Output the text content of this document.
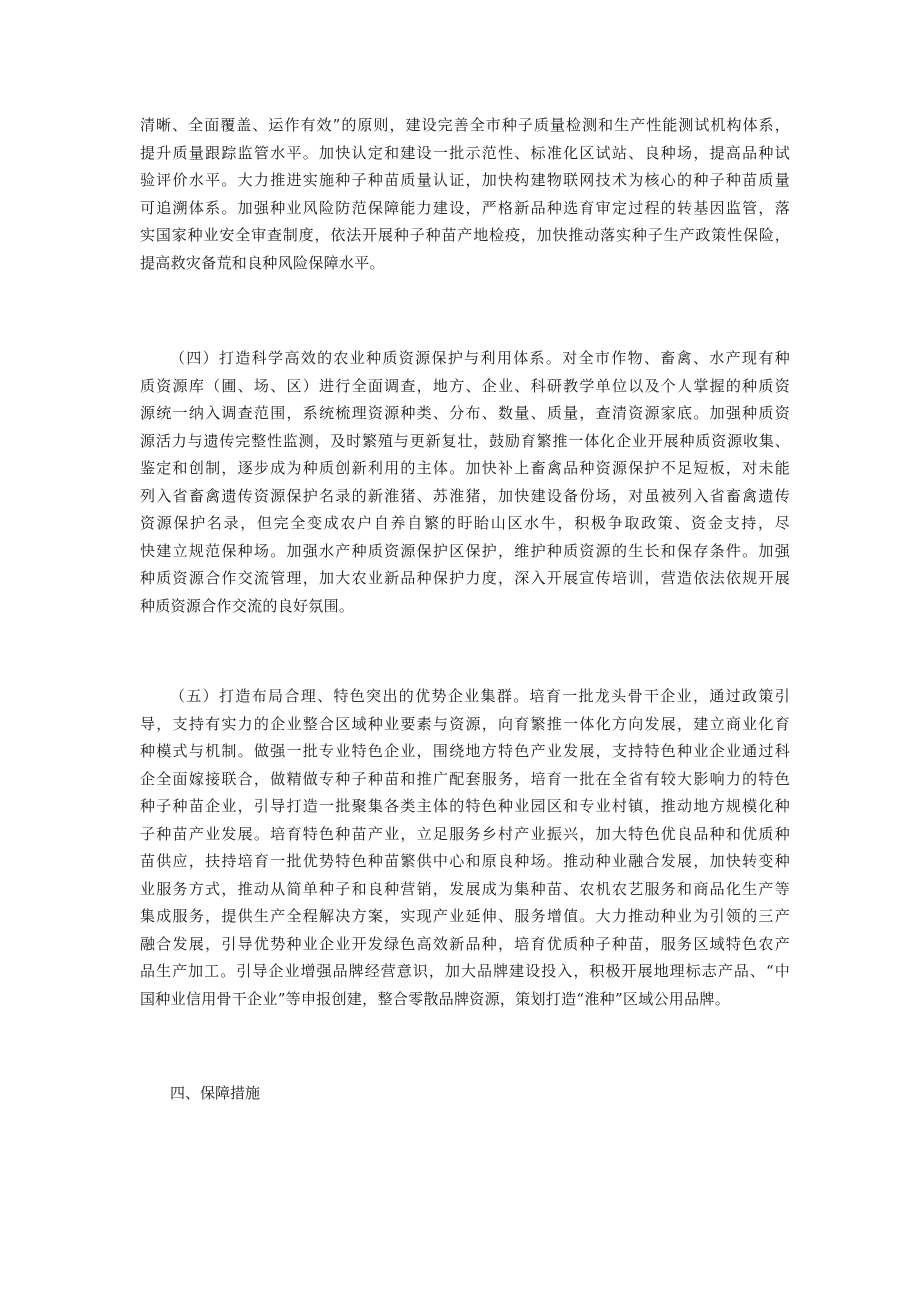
清晰、全面覆盖、运作有效”的原则，建设完善全市种子质量检测和生产性能测试机构体系，
提升质量跟踪监管水平。加快认定和建设一批示范性、标准化区试站、良种场，提高品种试
验评价水平。大力推进实施种子种苗质量认证，加快构建物联网技术为核心的种子种苗质量
可追溯体系。加强种业风险防范保障能力建设，严格新品种选育审定过程的转基因监管，落
实国家种业安全审查制度，依法开展种子种苗产地检疫，加快推动落实种子生产政策性保险，
提高救灾备荒和良种风险保障水平。
（四）打造科学高效的农业种质资源保护与利用体系。对全市作物、畜禽、水产现有种
质资源库（圃、场、区）进行全面调查，地方、企业、科研教学单位以及个人掌握的种质资
源统一纳入调查范围，系统梳理资源种类、分布、数量、质量，查清资源家底。加强种质资
源活力与遗传完整性监测，及时繁殖与更新复壮，鼓励育繁推一体化企业开展种质资源收集、
鉴定和创制，逐步成为种质创新利用的主体。加快补上畜禽品种资源保护不足短板，对未能
列入省畜禽遗传资源保护名录的新淮猪、苏淮猪，加快建设备份场，对虽被列入省畜禽遗传
资源保护名录，但完全变成农户自养自繁的盱眙山区水牛，积极争取政策、资金支持，尽
快建立规范保种场。加强水产种质资源保护区保护，维护种质资源的生长和保存条件。加强
种质资源合作交流管理，加大农业新品种保护力度，深入开展宣传培训，营造依法依规开展
种质资源合作交流的良好氛围。
（五）打造布局合理、特色突出的优势企业集群。培育一批龙头骨干企业，通过政策引
导，支持有实力的企业整合区域种业要素与资源，向育繁推一体化方向发展，建立商业化育
种模式与机制。做强一批专业特色企业，围绕地方特色产业发展，支持特色种业企业通过科
企全面嫁接联合，做精做专种子种苗和推广配套服务，培育一批在全省有较大影响力的特色
种子种苗企业，引导打造一批聚集各类主体的特色种业园区和专业村镇，推动地方规模化种
子种苗产业发展。培育特色种苗产业，立足服务乡村产业振兴，加大特色优良品种和优质种
苗供应，扶持培育一批优势特色种苗繁供中心和原良种场。推动种业融合发展，加快转变种
业服务方式，推动从简单种子和良种营销，发展成为集种苗、农机农艺服务和商品化生产等
集成服务，提供生产全程解决方案，实现产业延伸、服务增值。大力推动种业为引领的三产
融合发展，引导优势种业企业开发绿色高效新品种，培育优质种子种苗，服务区域特色农产
品生产加工。引导企业增强品牌经营意识，加大品牌建设投入，积极开展地理标志产品、“中
国种业信用骨干企业”等申报创建，整合零散品牌资源，策划打造“淮种”区域公用品牌。

四、保障措施
